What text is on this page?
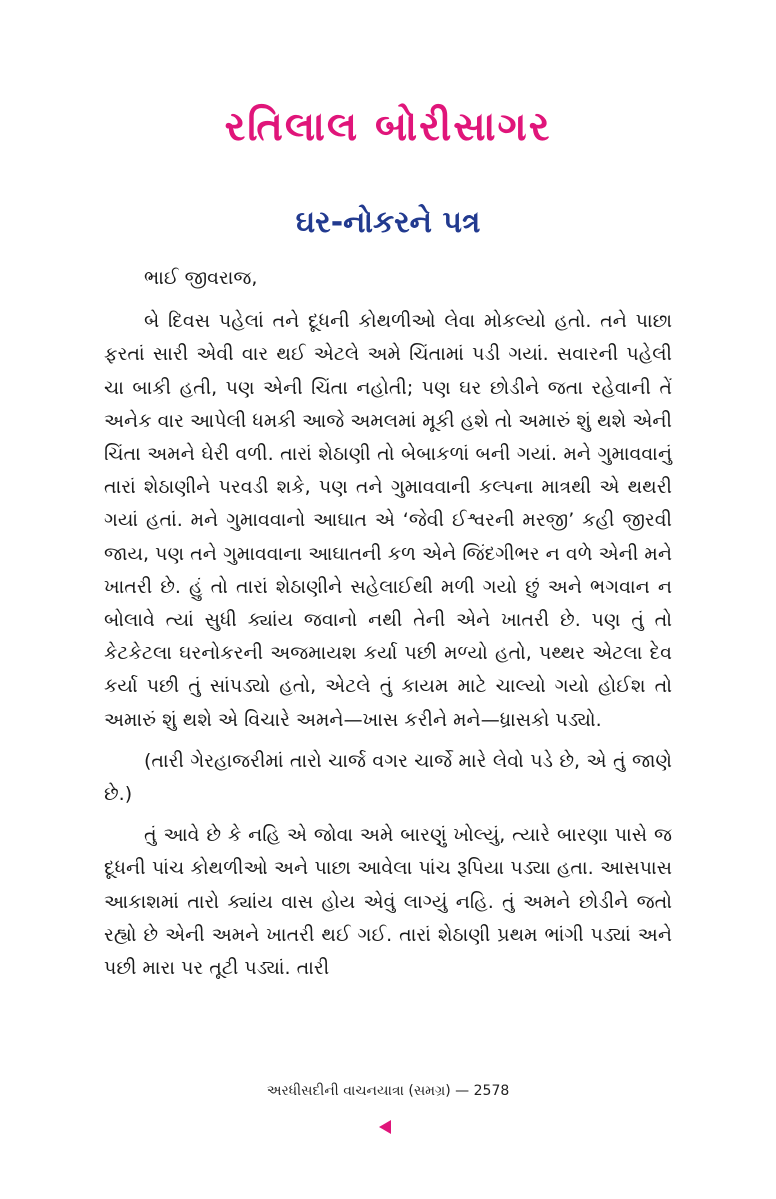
રતિલાલ બોરીસાગર
ઘર-નોકરને પત્ર

ભાઈ જીવરાજ,

બે દિવસ પહેલાં તને દૂધની કોથળીઓ લેવા મોકલ્યો હતો. તને પાછા ફરતાં સારી એવી વાર થઈ એટલે અમે ચિંતામાં પડી ગયાં. સવારની પહેલી ચા બાકી હતી, પણ એની ચિંતા નહોતી; પણ ઘર છોડીને જતા રહેવાની તેં અનેક વાર આપેલી ધમકી આજે અમલમાં મૂકી હશે તો અમારું શું થશે એની ચિંતા અમને ઘેરી વળી. તારાં શેઠાણી તો બેબાકળાં બની ગયાં. મને ગુમાવવાનું તારાં શેઠાણીને પરવડી શકે, પણ તને ગુમાવવાની કલ્પના માત્રથી એ થથરી ગયાં હતાં. મને ગુમાવવાનો આઘાત એ ‘જેવી ઈશ્વરની મરજી’ કહી જીરવી જાય, પણ તને ગુમાવવાના આઘાતની કળ એને જિંદગીભર ન વળે એની મને ખાતરી છે. હું તો તારાં શેઠાણીને સહેલાઈથી મળી ગયો છું અને ભગવાન ન બોલાવે ત્યાં સુધી ક્યાંય જવાનો નથી તેની એને ખાતરી છે. પણ તું તો કેટકેટલા ઘરનોકરની અજમાયશ કર્યા પછી મળ્યો હતો, પથ્થર એટલા દેવ કર્યા પછી તું સાંપડ્યો હતો, એટલે તું કાયમ માટે ચાલ્યો ગયો હોઈશ તો અમારું શું થશે એ વિચારે અમને—ખાસ કરીને મને—ધ્રાસકો પડ્યો.

(તારી ગેરહાજરીમાં તારો ચાર્જ વગર ચાર્જે મારે લેવો પડે છે, એ તું જાણે છે.)

તું આવે છે કે નહિ એ જોવા અમે બારણું ખોલ્યું, ત્યારે બારણા પાસે જ દૂધની પાંચ કોથળીઓ અને પાછા આવેલા પાંચ રૂપિયા પડ્યા હતા. આસપાસ આકાશમાં તારો ક્યાંય વાસ હોય એવું લાગ્યું નહિ. તું અમને છોડીને જતો રહ્યો છે એની અમને ખાતરી થઈ ગઈ. તારાં શેઠાણી પ્રથમ ભાંગી પડ્યાં અને પછી મારા પર તૂટી પડ્યાં. તારી

અરધીસદીની વાચનયાત્રા (સમગ્ર) — 2578
